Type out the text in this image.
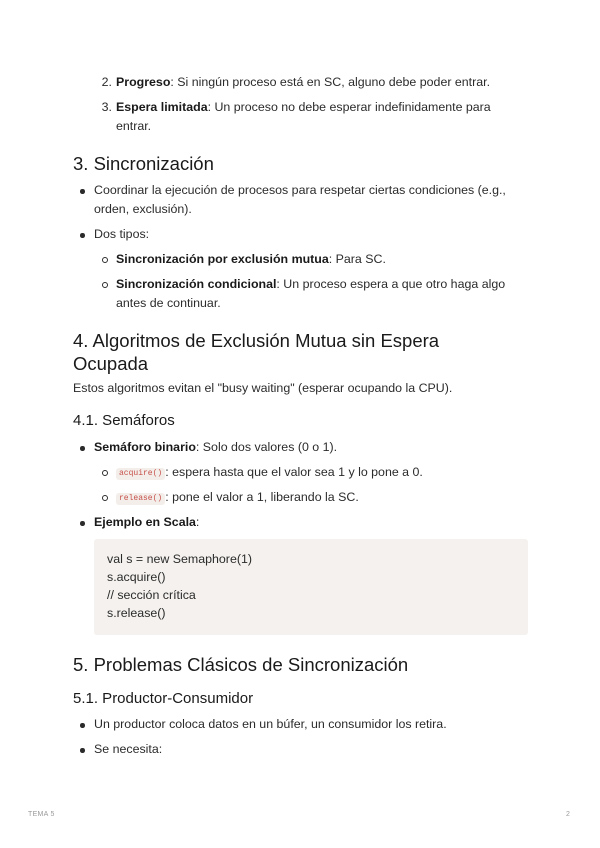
2. Progreso: Si ningún proceso está en SC, alguno debe poder entrar.
3. Espera limitada: Un proceso no debe esperar indefinidamente para
entrar.
3. Sincronización
Coordinar la ejecución de procesos para respetar ciertas condiciones (e.g.,
orden, exclusión).
Dos tipos:
Sincronización por exclusión mutua: Para SC.
Sincronización condicional: Un proceso espera a que otro haga algo
antes de continuar.
4. Algoritmos de Exclusión Mutua sin Espera
Ocupada
Estos algoritmos evitan el "busy waiting" (esperar ocupando la CPU).
4.1. Semáforos
Semáforo binario: Solo dos valores (0 o 1).
acquire() : espera hasta que el valor sea 1 y lo pone a 0.
release() : pone el valor a 1, liberando la SC.
Ejemplo en Scala:
val s = new Semaphore(1)
s.acquire()
// sección crítica
s.release()
5. Problemas Clásicos de Sincronización
5.1. Productor-Consumidor
Un productor coloca datos en un búfer, un consumidor los retira.
Se necesita:
TEMA 5	2
